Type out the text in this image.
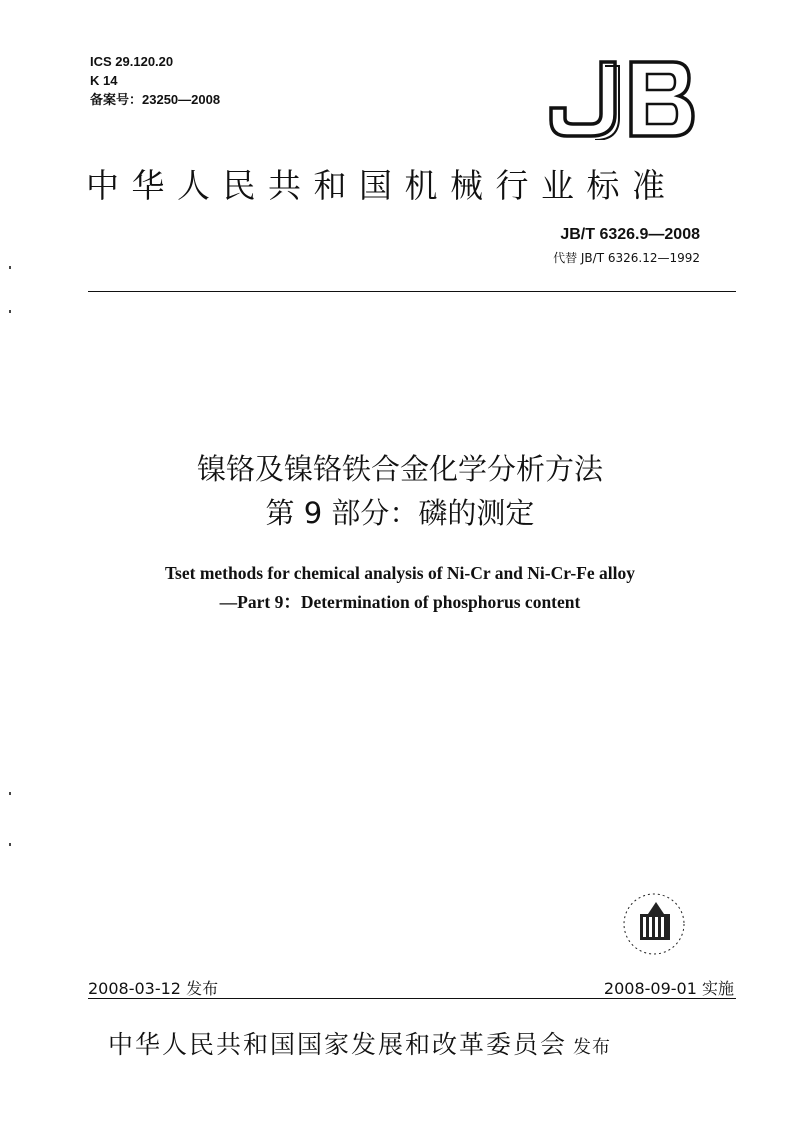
ICS 29.120.20
K 14
备案号：23250—2008
中华人民共和国机械行业标准
JB/T 6326.9—2008
代替 JB/T 6326.12—1992
镍铬及镍铬铁合金化学分析方法
第 9 部分：磷的测定
Tset methods for chemical analysis of Ni-Cr and Ni-Cr-Fe alloy
—Part 9：Determination of phosphorus content
2008-03-12 发布	2008-09-01 实施
中华人民共和国国家发展和改革委员会 发布
